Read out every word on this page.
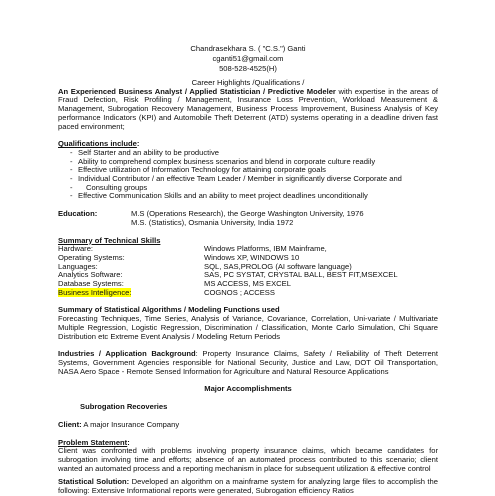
Chandrasekhara S. ( "C.S.") Ganti
cganti51@gmail.com
508-528-4525(H)
Career Highlights /Qualifications /
An Experienced Business Analyst / Applied Statistician / Predictive Modeler with expertise in the areas of Fraud Defection, Risk Profiling / Management, Insurance Loss Prevention, Workload Measurement & Management, Subrogation Recovery Management, Business Process Improvement, Business Analysis of Key performance Indicators (KPI) and Automobile Theft Deterrent (ATD) systems operating in a deadline driven fast paced environment;
Qualifications include:
- Self Starter and an ability to be productive
- Ability to comprehend complex business scenarios and blend in corporate culture readily
- Effective utilization of Information Technology for attaining corporate goals
- Individual Contributor / an effective Team Leader / Member in significantly diverse Corporate and
- Consulting groups
- Effective Communication Skills and an ability to meet project deadlines unconditionally
Education:	M.S (Operations Research), the George Washington University, 1976
M.S. (Statistics), Osmania University, India 1972
Summary of Technical Skills
Hardware:	Windows Platforms, IBM Mainframe,
Operating Systems:	Windows XP, WINDOWS 10
Languages:	SQL, SAS,PROLOG (AI software language)
Analytics Software:	SAS, PC SYSTAT, CRYSTAL BALL, BEST FIT,MSEXCEL
Database Systems:	MS ACCESS, MS EXCEL
Business Intelligence:	COGNOS ; ACCESS
Summary of Statistical Algorithms / Modeling Functions used
Forecasting Techniques, Time Series, Analysis of Variance, Covariance, Correlation, Uni-variate / Multivariate Multiple Regression, Logistic Regression, Discrimination / Classification, Monte Carlo Simulation, Chi Square Distribution etc Extreme Event Analysis / Modeling Return Periods
Industries / Application Background: Property Insurance Claims, Safety / Reliability of Theft Deterrent Systems, Government Agencies responsible for National Security, Justice and Law, DOT Oil Transportation, NASA Aero Space - Remote Sensed Information for Agriculture and Natural Resource Applications
Major Accomplishments
Subrogation Recoveries
Client: A major Insurance Company
Problem Statement:
Client was confronted with problems involving property insurance claims, which became candidates for subrogation involving time and efforts; absence of an automated process contributed to this scenario; client wanted an automated process and a reporting mechanism in place for subsequent utilization & effective control
Statistical Solution: Developed an algorithm on a mainframe system for analyzing large files to accomplish the following: Extensive Informational reports were generated, Subrogation efficiency Ratios
